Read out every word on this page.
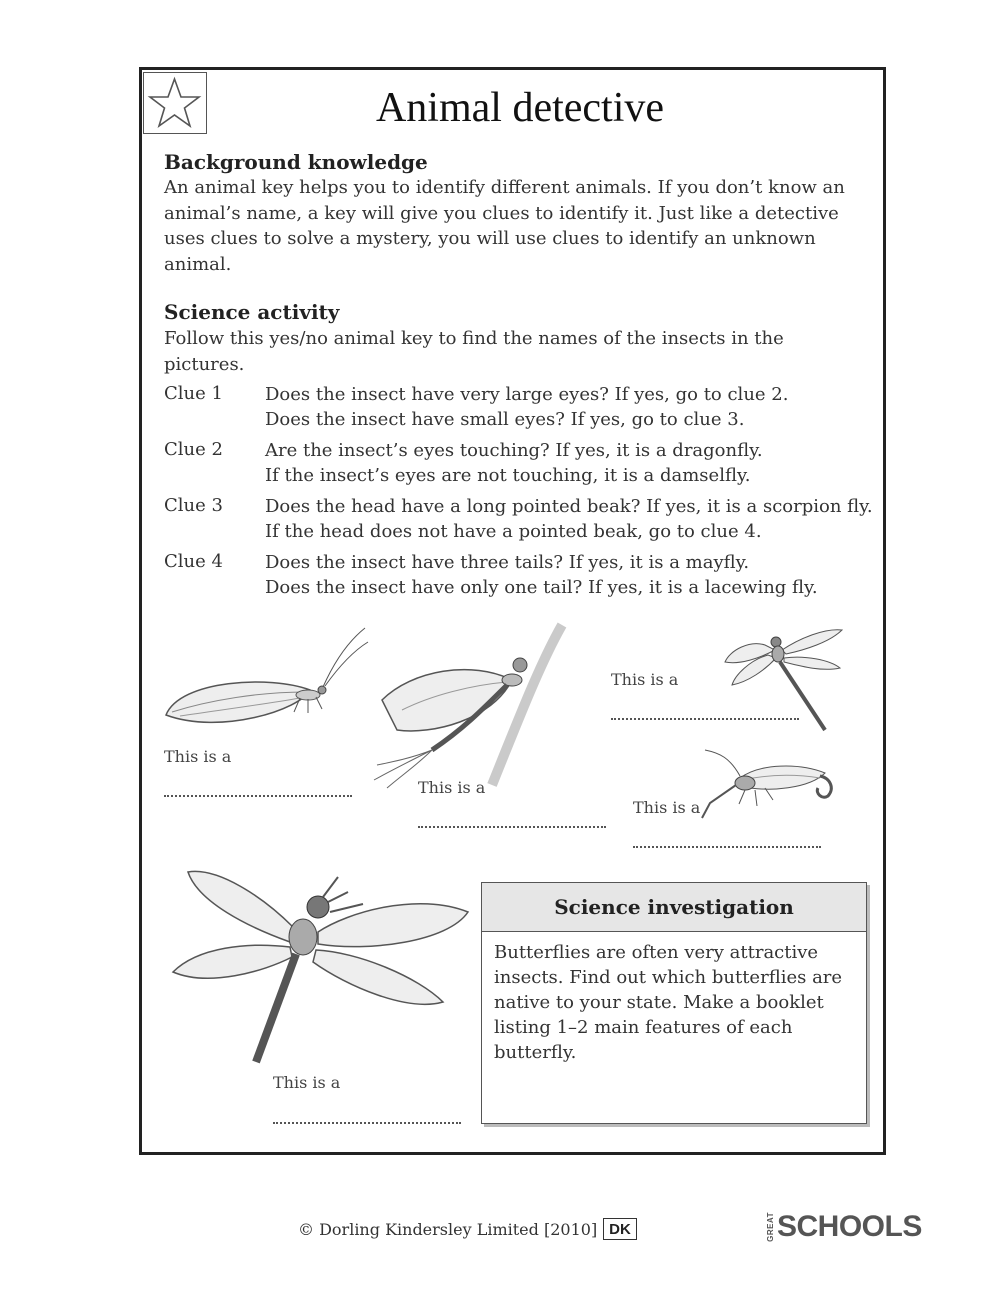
Animal detective
Background knowledge
An animal key helps you to identify different animals. If you don’t know an animal’s name, a key will give you clues to identify it. Just like a detective uses clues to solve a mystery, you will use clues to identify an unknown animal.
Science activity
Follow this yes/no animal key to find the names of the insects in the pictures.
Clue 1 Does the insect have very large eyes? If yes, go to clue 2.
Does the insect have small eyes? If yes, go to clue 3.
Clue 2 Are the insect’s eyes touching? If yes, it is a dragonfly.
If the insect’s eyes are not touching, it is a damselfly.
Clue 3 Does the head have a long pointed beak? If yes, it is a scorpion fly.
If the head does not have a pointed beak, go to clue 4.
Clue 4 Does the insect have three tails? If yes, it is a mayfly.
Does the insect have only one tail? If yes, it is a lacewing fly.
This is a
This is a
This is a
This is a
This is a
Science investigation
Butterflies are often very attractive insects. Find out which butterflies are native to your state. Make a booklet listing 1–2 main features of each butterfly.
© Dorling Kindersley Limited [2010] DK	GREAT SCHOOLS
